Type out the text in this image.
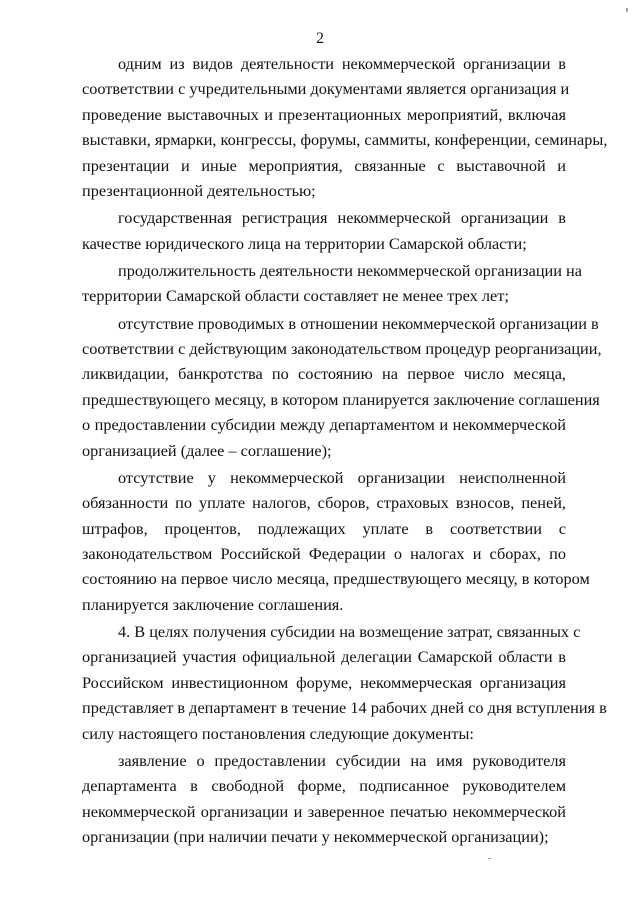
2
одним из видов деятельности некоммерческой организации в
соответствии с учредительными документами является организация и
проведение выставочных и презентационных мероприятий, включая
выставки, ярмарки, конгрессы, форумы, саммиты, конференции, семинары,
презентации и иные мероприятия, связанные с выставочной и
презентационной деятельностью;
государственная регистрация некоммерческой организации в
качестве юридического лица на территории Самарской области;
продолжительность деятельности некоммерческой организации на
территории Самарской области составляет не менее трех лет;
отсутствие проводимых в отношении некоммерческой организации в
соответствии с действующим законодательством процедур реорганизации,
ликвидации, банкротства по состоянию на первое число месяца,
предшествующего месяцу, в котором планируется заключение соглашения
о предоставлении субсидии между департаментом и некоммерческой
организацией (далее – соглашение);
отсутствие у некоммерческой организации неисполненной
обязанности по уплате налогов, сборов, страховых взносов, пеней,
штрафов, процентов, подлежащих уплате в соответствии с
законодательством Российской Федерации о налогах и сборах, по
состоянию на первое число месяца, предшествующего месяцу, в котором
планируется заключение соглашения.
4. В целях получения субсидии на возмещение затрат, связанных с
организацией участия официальной делегации Самарской области в
Российском инвестиционном форуме, некоммерческая организация
представляет в департамент в течение 14 рабочих дней со дня вступления в
силу настоящего постановления следующие документы:
заявление о предоставлении субсидии на имя руководителя
департамента в свободной форме, подписанное руководителем
некоммерческой организации и заверенное печатью некоммерческой
организации (при наличии печати у некоммерческой организации);
